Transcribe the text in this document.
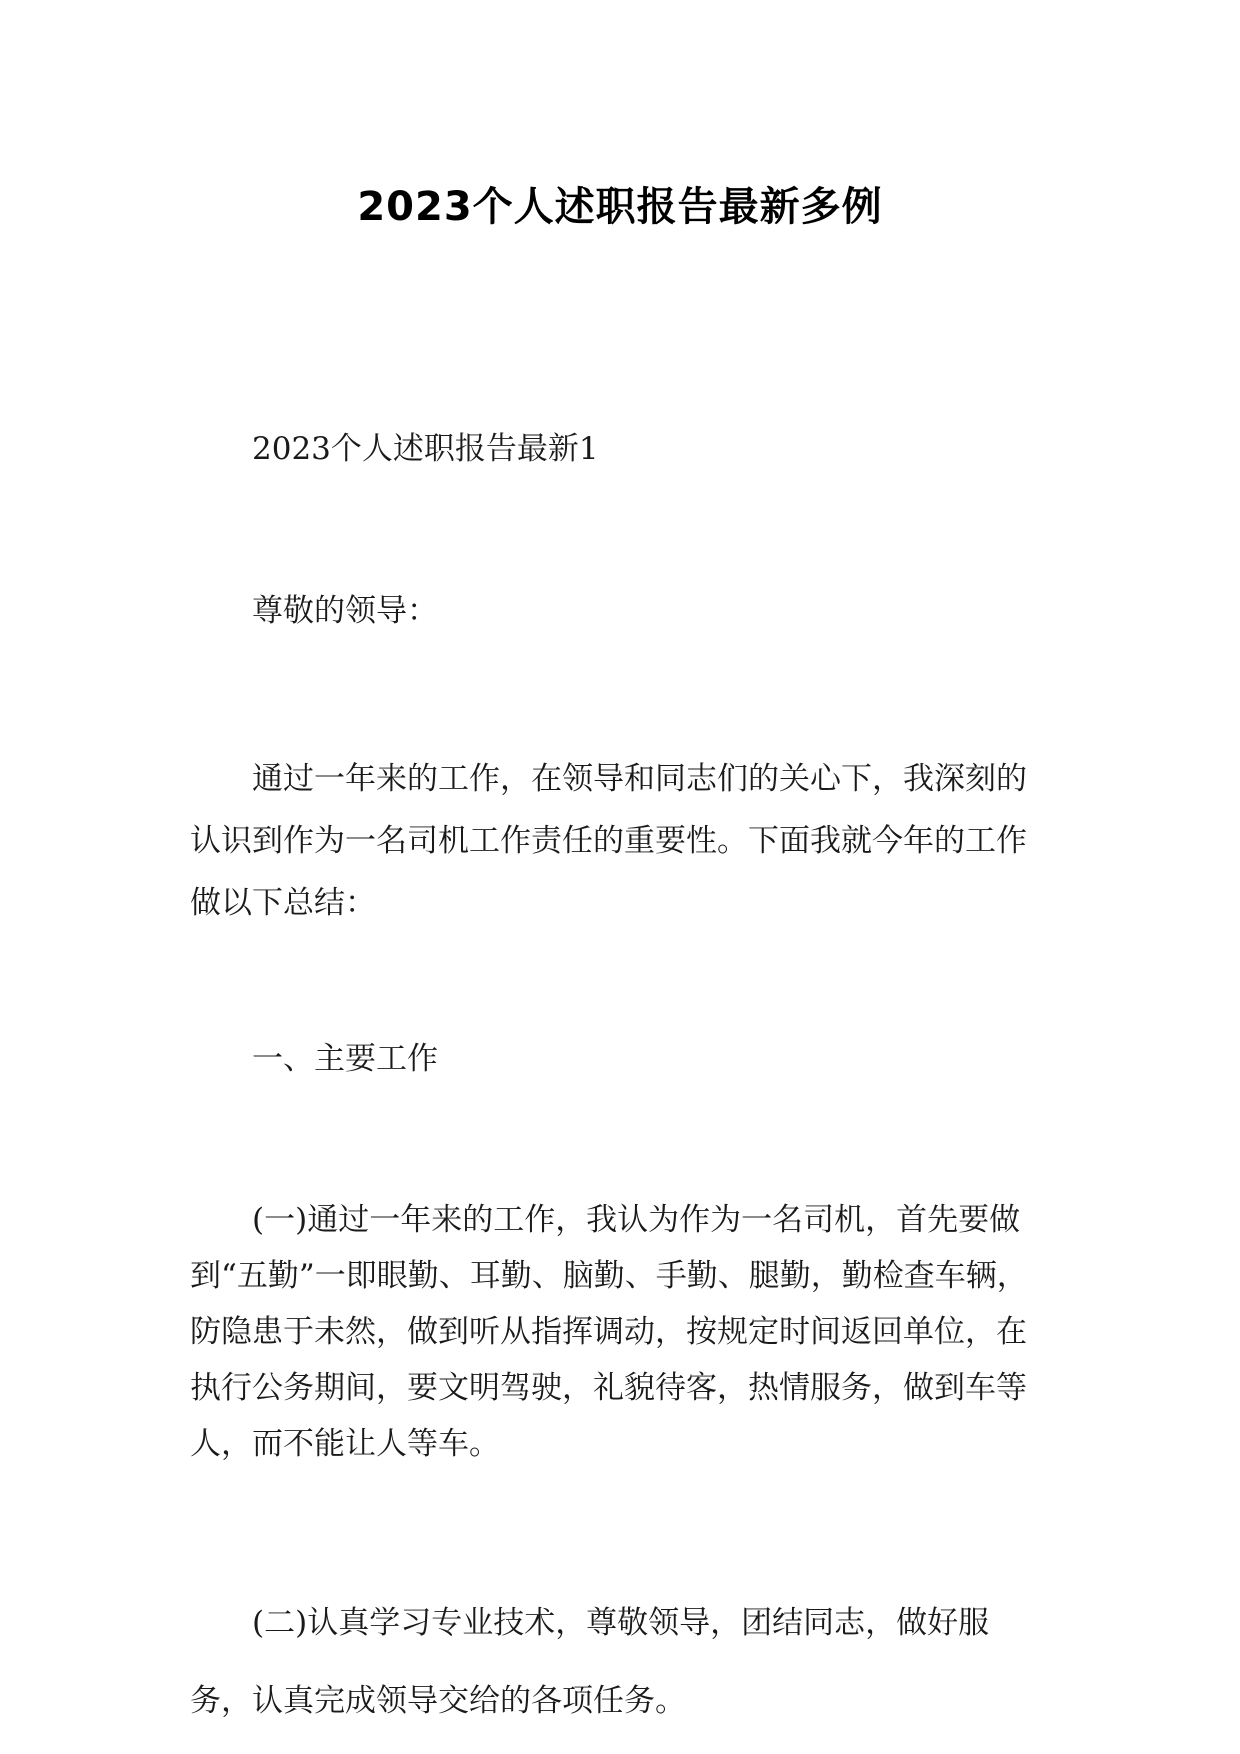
2023个人述职报告最新多例

2023个人述职报告最新1

尊敬的领导：

通过一年来的工作，在领导和同志们的关心下，我深刻的认识到作为一名司机工作责任的重要性。下面我就今年的工作做以下总结：

一、主要工作

(一)通过一年来的工作，我认为作为一名司机，首先要做到“五勤”一即眼勤、耳勤、脑勤、手勤、腿勤，勤检查车辆，防隐患于未然，做到听从指挥调动，按规定时间返回单位，在执行公务期间，要文明驾驶，礼貌待客，热情服务，做到车等人，而不能让人等车。

(二)认真学习专业技术，尊敬领导，团结同志，做好服务，认真完成领导交给的各项任务。
